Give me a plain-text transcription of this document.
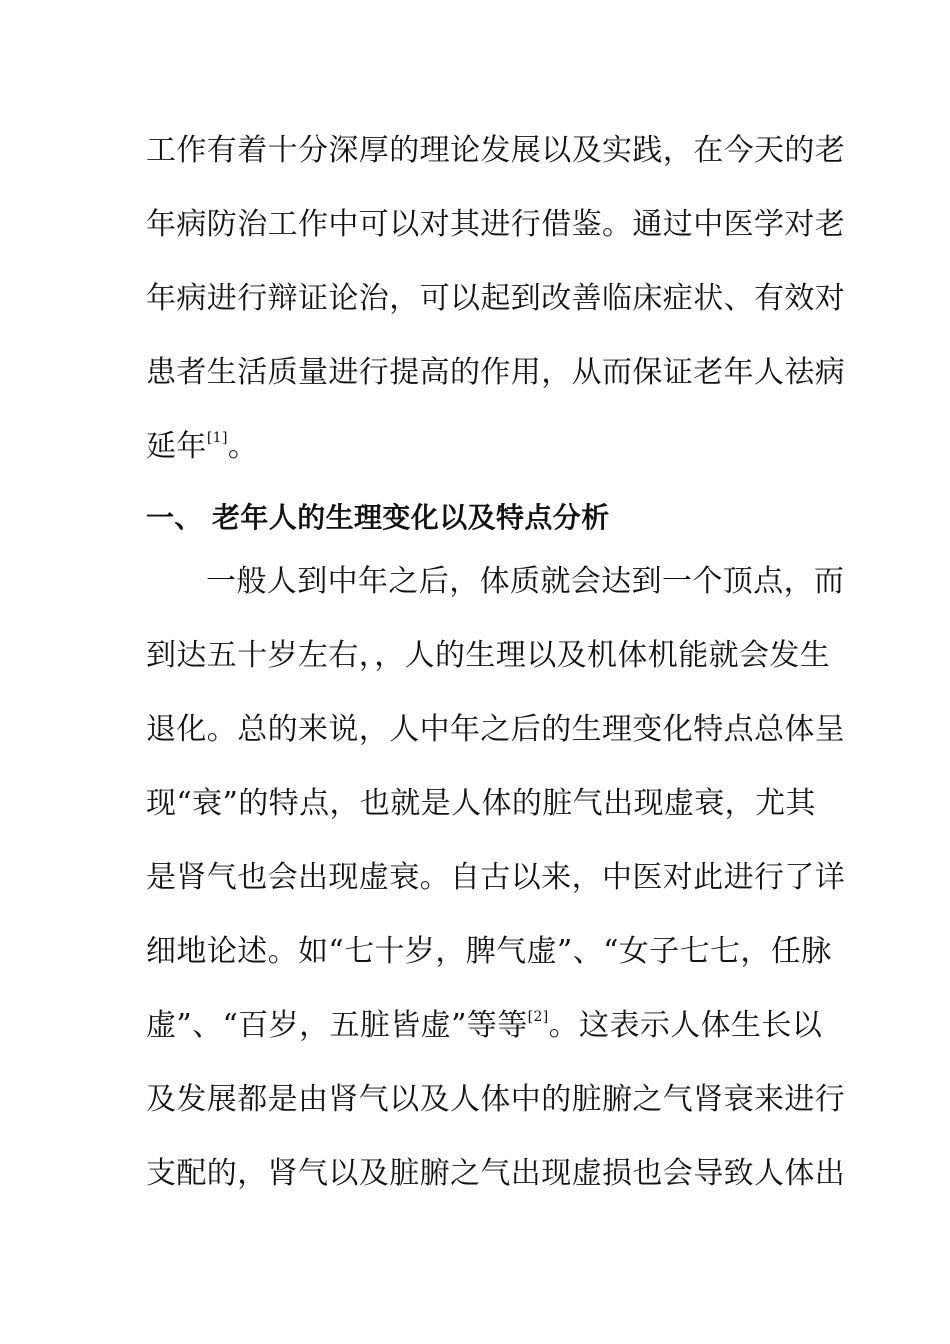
工作有着十分深厚的理论发展以及实践，在今天的老
年病防治工作中可以对其进行借鉴。通过中医学对老
年病进行辩证论治，可以起到改善临床症状、有效对
患者生活质量进行提高的作用，从而保证老年人祛病
延年[1]。
一、 老年人的生理变化以及特点分析
一般人到中年之后，体质就会达到一个顶点，而
到达五十岁左右，，人的生理以及机体机能就会发生
退化。总的来说，人中年之后的生理变化特点总体呈
现“衰”的特点，也就是人体的脏气出现虚衰，尤其
是肾气也会出现虚衰。自古以来，中医对此进行了详
细地论述。如“七十岁，脾气虚”、“女子七七，任脉
虚”、“百岁，五脏皆虚”等等[2]。这表示人体生长以
及发展都是由肾气以及人体中的脏腑之气肾衰来进行
支配的，肾气以及脏腑之气出现虚损也会导致人体出
